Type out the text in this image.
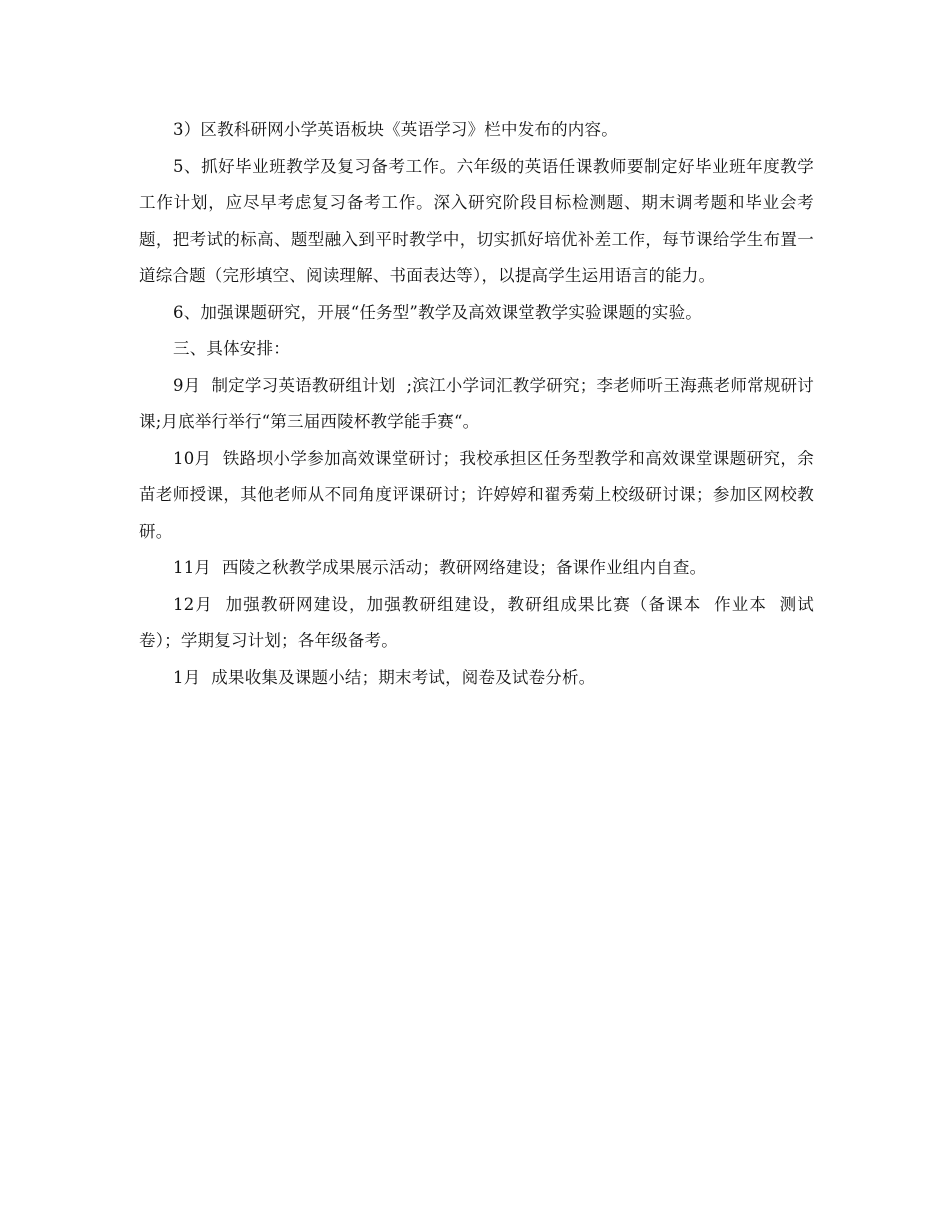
3）区教科研网小学英语板块《英语学习》栏中发布的内容。

5、抓好毕业班教学及复习备考工作。六年级的英语任课教师要制定好毕业班年度教学工作计划，应尽早考虑复习备考工作。深入研究阶段目标检测题、期末调考题和毕业会考题，把考试的标高、题型融入到平时教学中，切实抓好培优补差工作，每节课给学生布置一道综合题（完形填空、阅读理解、书面表达等），以提高学生运用语言的能力。

6、加强课题研究，开展“任务型”教学及高效课堂教学实验课题的实验。

三、具体安排：

9月  制定学习英语教研组计划  ;滨江小学词汇教学研究；李老师听王海燕老师常规研讨课;月底举行举行“第三届西陵杯教学能手赛“。

10月  铁路坝小学参加高效课堂研讨；我校承担区任务型教学和高效课堂课题研究，余苗老师授课，其他老师从不同角度评课研讨；许婷婷和翟秀菊上校级研讨课；参加区网校教研。

11月  西陵之秋教学成果展示活动；教研网络建设；备课作业组内自查。

12月  加强教研网建设，加强教研组建设，教研组成果比赛（备课本  作业本  测试卷）；学期复习计划；各年级备考。

1月  成果收集及课题小结；期末考试，阅卷及试卷分析。
